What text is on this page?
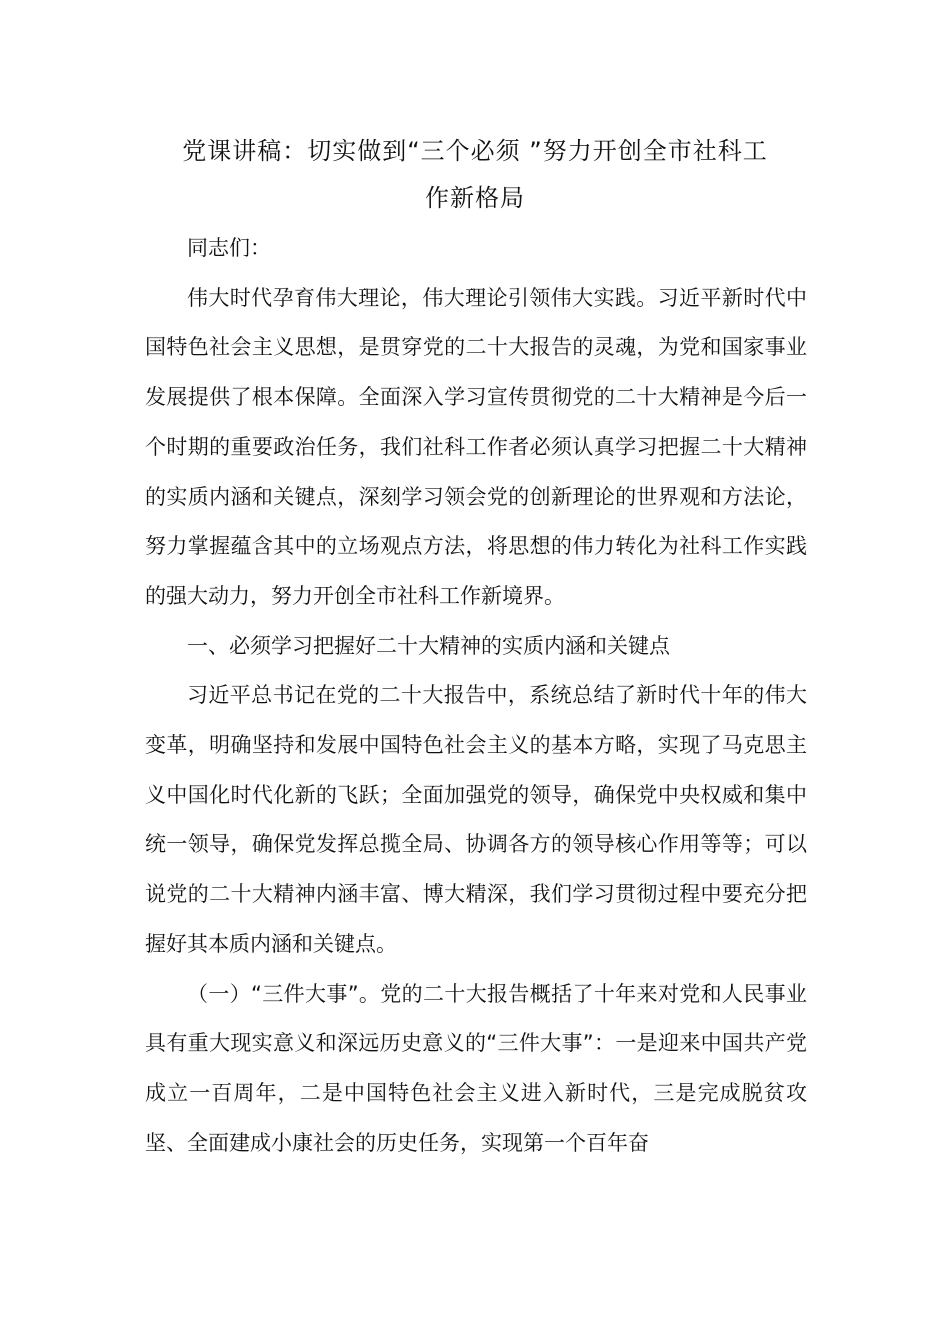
党课讲稿：切实做到“三个必须 ”努力开创全市社科工
作新格局

同志们：

伟大时代孕育伟大理论，伟大理论引领伟大实践。习近平新时代中国特色社会主义思想，是贯穿党的二十大报告的灵魂，为党和国家事业发展提供了根本保障。全面深入学习宣传贯彻党的二十大精神是今后一个时期的重要政治任务，我们社科工作者必须认真学习把握二十大精神的实质内涵和关键点，深刻学习领会党的创新理论的世界观和方法论，努力掌握蕴含其中的立场观点方法，将思想的伟力转化为社科工作实践的强大动力，努力开创全市社科工作新境界。

一、必须学习把握好二十大精神的实质内涵和关键点

习近平总书记在党的二十大报告中，系统总结了新时代十年的伟大变革，明确坚持和发展中国特色社会主义的基本方略，实现了马克思主义中国化时代化新的飞跃；全面加强党的领导，确保党中央权威和集中统一领导，确保党发挥总揽全局、协调各方的领导核心作用等等；可以说党的二十大精神内涵丰富、博大精深，我们学习贯彻过程中要充分把握好其本质内涵和关键点。

（一）“三件大事”。党的二十大报告概括了十年来对党和人民事业具有重大现实意义和深远历史意义的“三件大事”：一是迎来中国共产党成立一百周年，二是中国特色社会主义进入新时代，三是完成脱贫攻坚、全面建成小康社会的历史任务，实现第一个百年奋
